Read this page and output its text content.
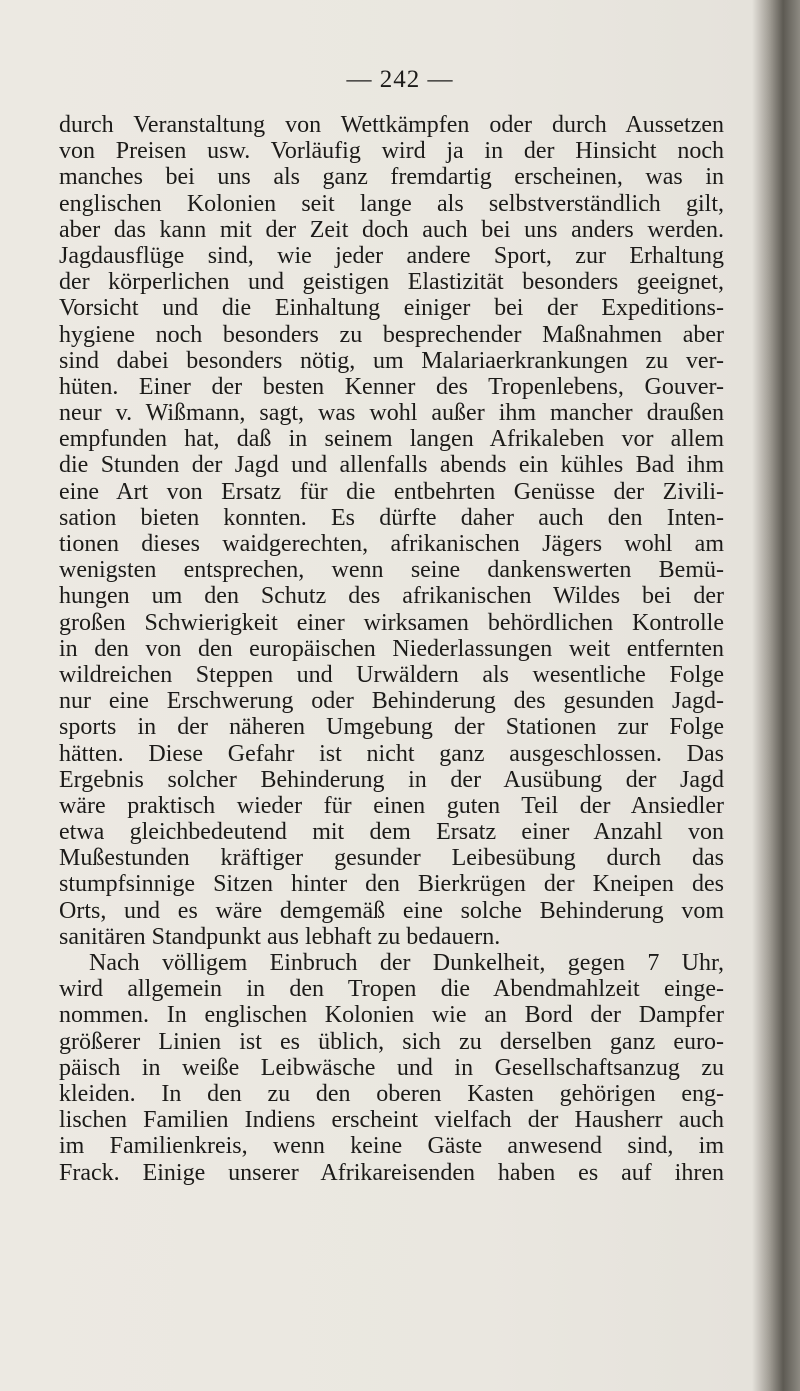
— 242 —
durch Veranstaltung von Wettkämpfen oder durch Aussetzen
von Preisen usw. Vorläufig wird ja in der Hinsicht noch
manches bei uns als ganz fremdartig erscheinen, was in
englischen Kolonien seit lange als selbstverständlich gilt,
aber das kann mit der Zeit doch auch bei uns anders werden.
Jagdausflüge sind, wie jeder andere Sport, zur Erhaltung
der körperlichen und geistigen Elastizität besonders geeignet,
Vorsicht und die Einhaltung einiger bei der Expeditions-
hygiene noch besonders zu besprechender Maßnahmen aber
sind dabei besonders nötig, um Malariaerkrankungen zu ver-
hüten. Einer der besten Kenner des Tropenlebens, Gouver-
neur v. Wißmann, sagt, was wohl außer ihm mancher draußen
empfunden hat, daß in seinem langen Afrikaleben vor allem
die Stunden der Jagd und allenfalls abends ein kühles Bad ihm
eine Art von Ersatz für die entbehrten Genüsse der Zivili-
sation bieten konnten. Es dürfte daher auch den Inten-
tionen dieses waidgerechten, afrikanischen Jägers wohl am
wenigsten entsprechen, wenn seine dankenswerten Bemü-
hungen um den Schutz des afrikanischen Wildes bei der
großen Schwierigkeit einer wirksamen behördlichen Kontrolle
in den von den europäischen Niederlassungen weit entfernten
wildreichen Steppen und Urwäldern als wesentliche Folge
nur eine Erschwerung oder Behinderung des gesunden Jagd-
sports in der näheren Umgebung der Stationen zur Folge
hätten. Diese Gefahr ist nicht ganz ausgeschlossen. Das
Ergebnis solcher Behinderung in der Ausübung der Jagd
wäre praktisch wieder für einen guten Teil der Ansiedler
etwa gleichbedeutend mit dem Ersatz einer Anzahl von
Mußestunden kräftiger gesunder Leibesübung durch das
stumpfsinnige Sitzen hinter den Bierkrügen der Kneipen des
Orts, und es wäre demgemäß eine solche Behinderung vom
sanitären Standpunkt aus lebhaft zu bedauern.
Nach völligem Einbruch der Dunkelheit, gegen 7 Uhr,
wird allgemein in den Tropen die Abendmahlzeit einge-
nommen. In englischen Kolonien wie an Bord der Dampfer
größerer Linien ist es üblich, sich zu derselben ganz euro-
päisch in weiße Leibwäsche und in Gesellschaftsanzug zu
kleiden. In den zu den oberen Kasten gehörigen eng-
lischen Familien Indiens erscheint vielfach der Hausherr auch
im Familienkreis, wenn keine Gäste anwesend sind, im
Frack. Einige unserer Afrikareisenden haben es auf ihren
